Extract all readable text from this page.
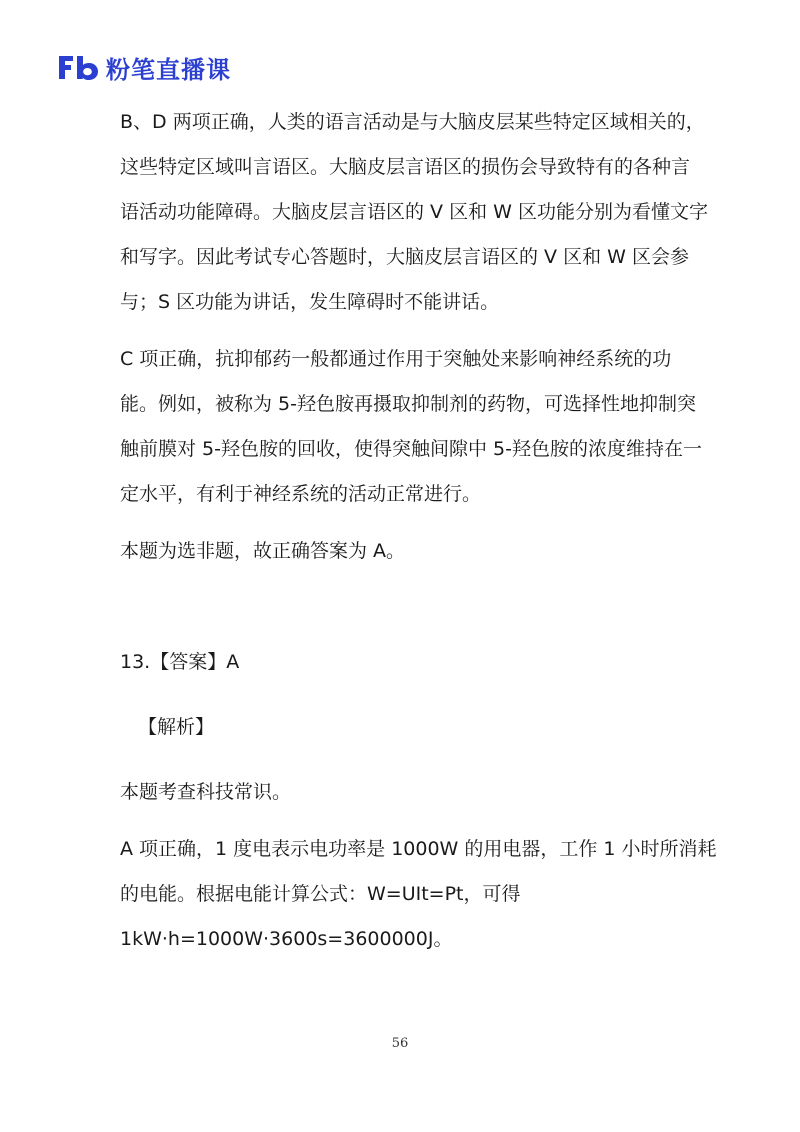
粉笔直播课

B、D 两项正确，人类的语言活动是与大脑皮层某些特定区域相关的，
这些特定区域叫言语区。大脑皮层言语区的损伤会导致特有的各种言
语活动功能障碍。大脑皮层言语区的 V 区和 W 区功能分别为看懂文字
和写字。因此考试专心答题时，大脑皮层言语区的 V 区和 W 区会参
与；S 区功能为讲话，发生障碍时不能讲话。

C 项正确，抗抑郁药一般都通过作用于突触处来影响神经系统的功
能。例如，被称为 5-羟色胺再摄取抑制剂的药物，可选择性地抑制突
触前膜对 5-羟色胺的回收，使得突触间隙中 5-羟色胺的浓度维持在一
定水平，有利于神经系统的活动正常进行。

本题为选非题，故正确答案为 A。

13.【答案】A

【解析】

本题考查科技常识。

A 项正确，1 度电表示电功率是 1000W 的用电器，工作 1 小时所消耗
的电能。根据电能计算公式：W=UIt=Pt，可得
1kW·h=1000W·3600s=3600000J。

56
